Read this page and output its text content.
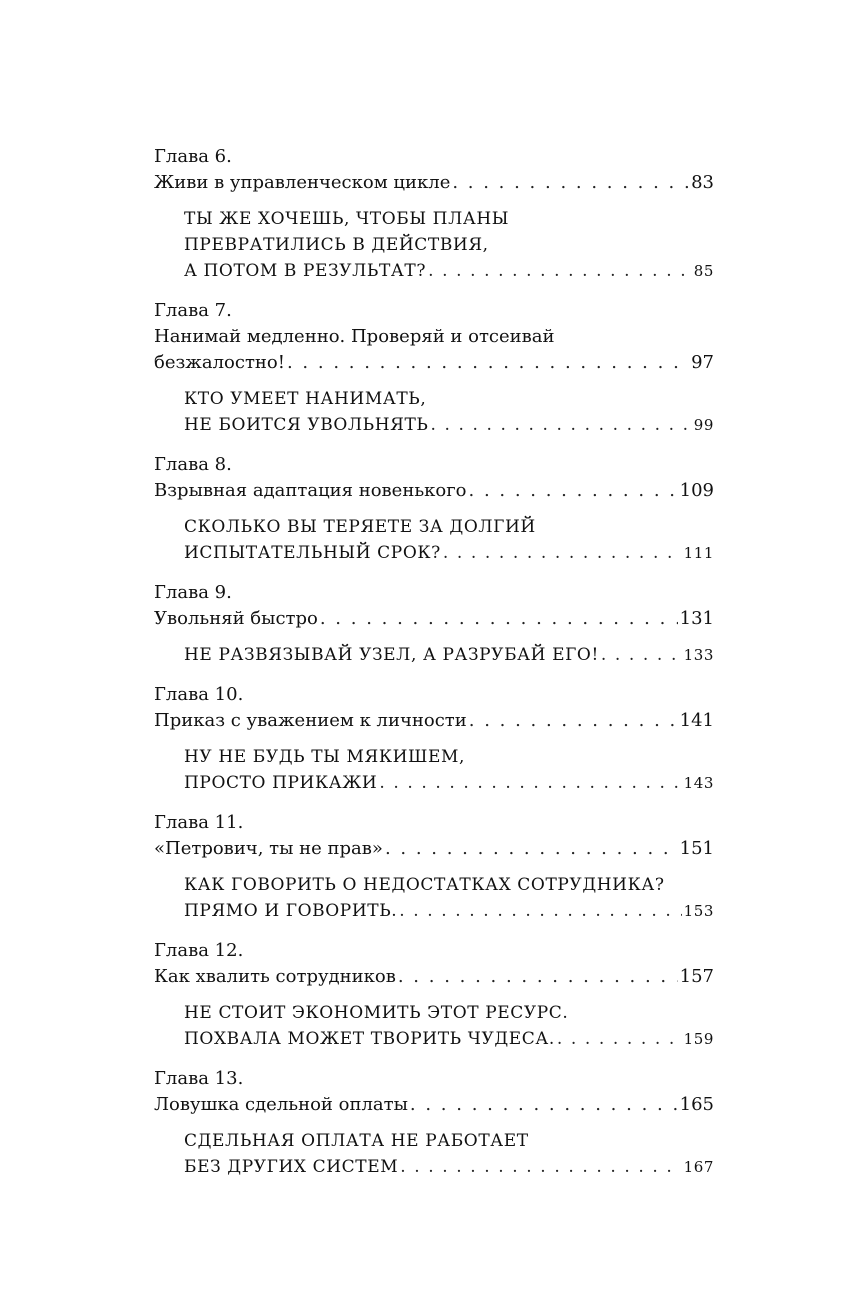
Глава 6.
Живи в управленческом цикле . . .	83
ТЫ ЖЕ ХОЧЕШЬ, ЧТОБЫ ПЛАНЫ
ПРЕВРАТИЛИСЬ В ДЕЙСТВИЯ,
А ПОТОМ В РЕЗУЛЬТАТ? . . .	85
Глава 7.
Нанимай медленно. Проверяй и отсеивай
безжалостно! . . .	97
КТО УМЕЕТ НАНИМАТЬ,
НЕ БОИТСЯ УВОЛЬНЯТЬ . . .	99
Глава 8.
Взрывная адаптация новенького . . .	109
СКОЛЬКО ВЫ ТЕРЯЕТЕ ЗА ДОЛГИЙ
ИСПЫТАТЕЛЬНЫЙ СРОК? . . .	111
Глава 9.
Увольняй быстро . . .	131
НЕ РАЗВЯЗЫВАЙ УЗЕЛ, А РАЗРУБАЙ ЕГО! . . .	133
Глава 10.
Приказ с уважением к личности . . .	141
НУ НЕ БУДЬ ТЫ МЯКИШЕМ,
ПРОСТО ПРИКАЖИ . . .	143
Глава 11.
«Петрович, ты не прав» . . .	151
КАК ГОВОРИТЬ О НЕДОСТАТКАХ СОТРУДНИКА?
ПРЯМО И ГОВОРИТЬ. . . .	153
Глава 12.
Как хвалить сотрудников . . .	157
НЕ СТОИТ ЭКОНОМИТЬ ЭТОТ РЕСУРС.
ПОХВАЛА МОЖЕТ ТВОРИТЬ ЧУДЕСА. . . .	159
Глава 13.
Ловушка сдельной оплаты . . .	165
СДЕЛЬНАЯ ОПЛАТА НЕ РАБОТАЕТ
БЕЗ ДРУГИХ СИСТЕМ . . .	167
